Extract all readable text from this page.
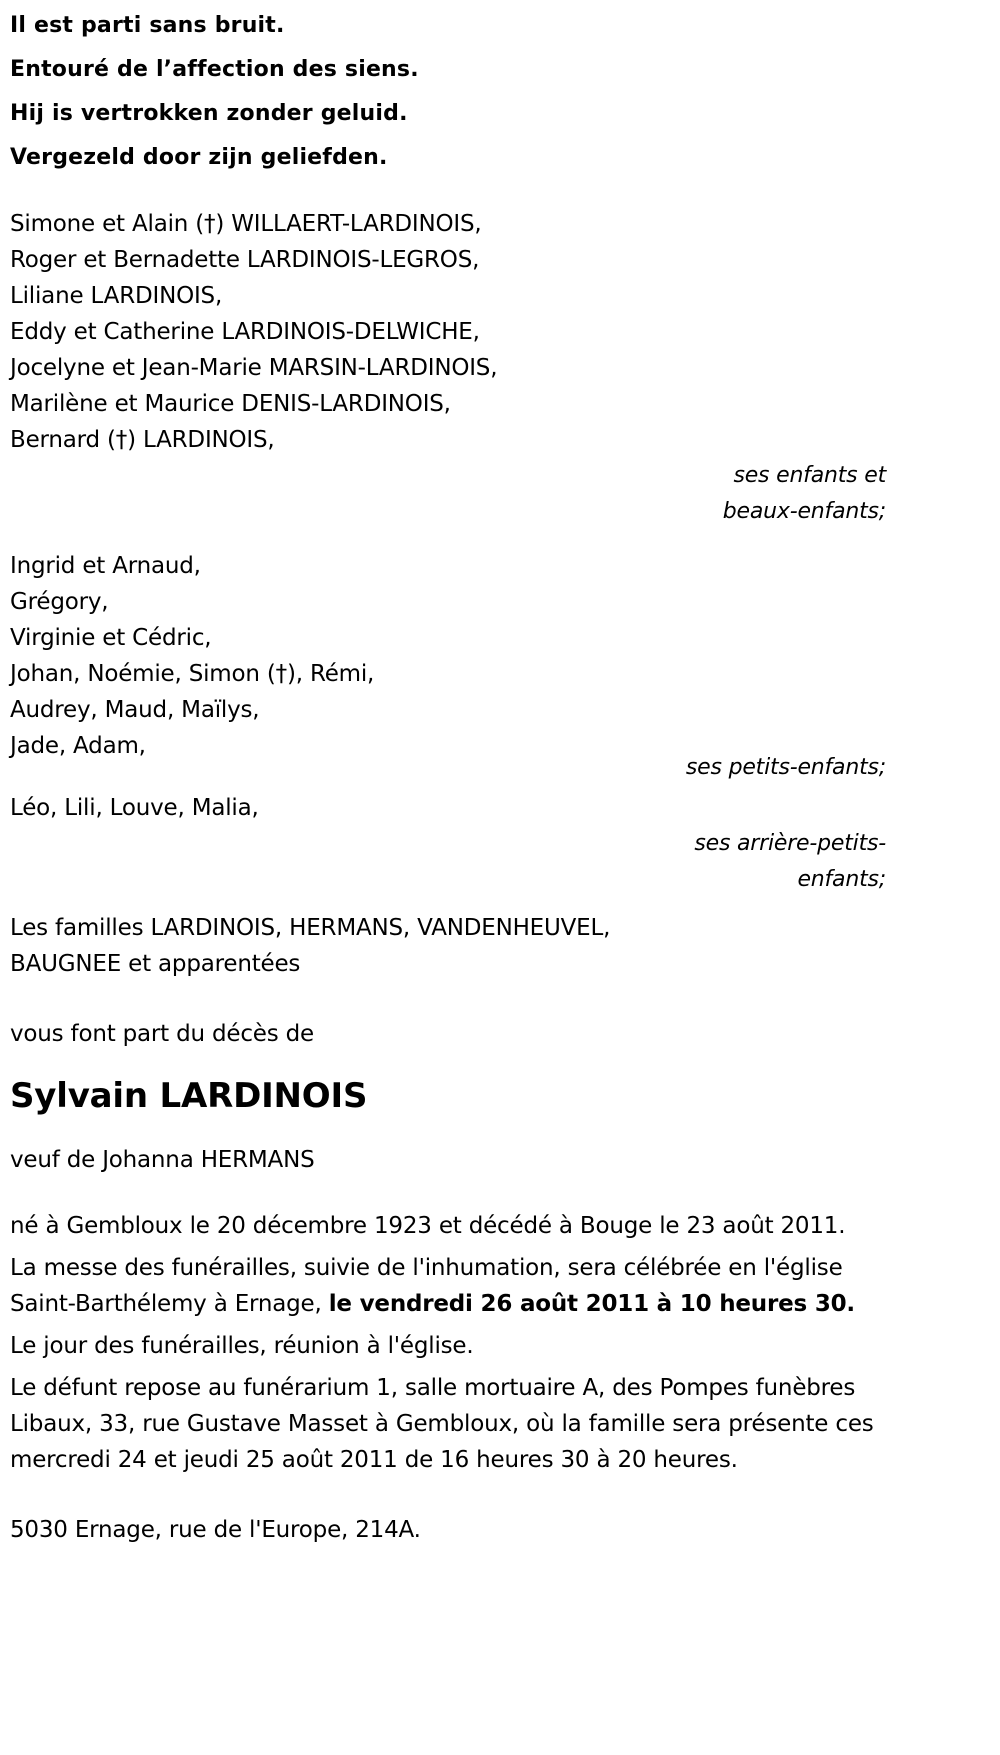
Il est parti sans bruit.
Entouré de l’affection des siens.
Hij is vertrokken zonder geluid.
Vergezeld door zijn geliefden.
Simone et Alain (†) WILLAERT-LARDINOIS,
Roger et Bernadette LARDINOIS-LEGROS,
Liliane LARDINOIS,
Eddy et Catherine LARDINOIS-DELWICHE,
Jocelyne et Jean-Marie MARSIN-LARDINOIS,
Marilène et Maurice DENIS-LARDINOIS,
Bernard (†) LARDINOIS,
ses enfants et
beaux-enfants;
Ingrid et Arnaud,
Grégory,
Virginie et Cédric,
Johan, Noémie, Simon (†), Rémi,
Audrey, Maud, Maïlys,
Jade, Adam,
ses petits-enfants;
Léo, Lili, Louve, Malia,
ses arrière-petits-
enfants;
Les familles LARDINOIS, HERMANS, VANDENHEUVEL,
BAUGNEE et apparentées
vous font part du décès de
Sylvain LARDINOIS
veuf de Johanna HERMANS
né à Gembloux le 20 décembre 1923 et décédé à Bouge le 23 août 2011.
La messe des funérailles, suivie de l'inhumation, sera célébrée en l'église Saint-Barthélemy à Ernage, le vendredi 26 août 2011 à 10 heures 30.
Le jour des funérailles, réunion à l'église.
Le défunt repose au funérarium 1, salle mortuaire A, des Pompes funèbres Libaux, 33, rue Gustave Masset à Gembloux, où la famille sera présente ces mercredi 24 et jeudi 25 août 2011 de 16 heures 30 à 20 heures.
5030 Ernage, rue de l'Europe, 214A.
